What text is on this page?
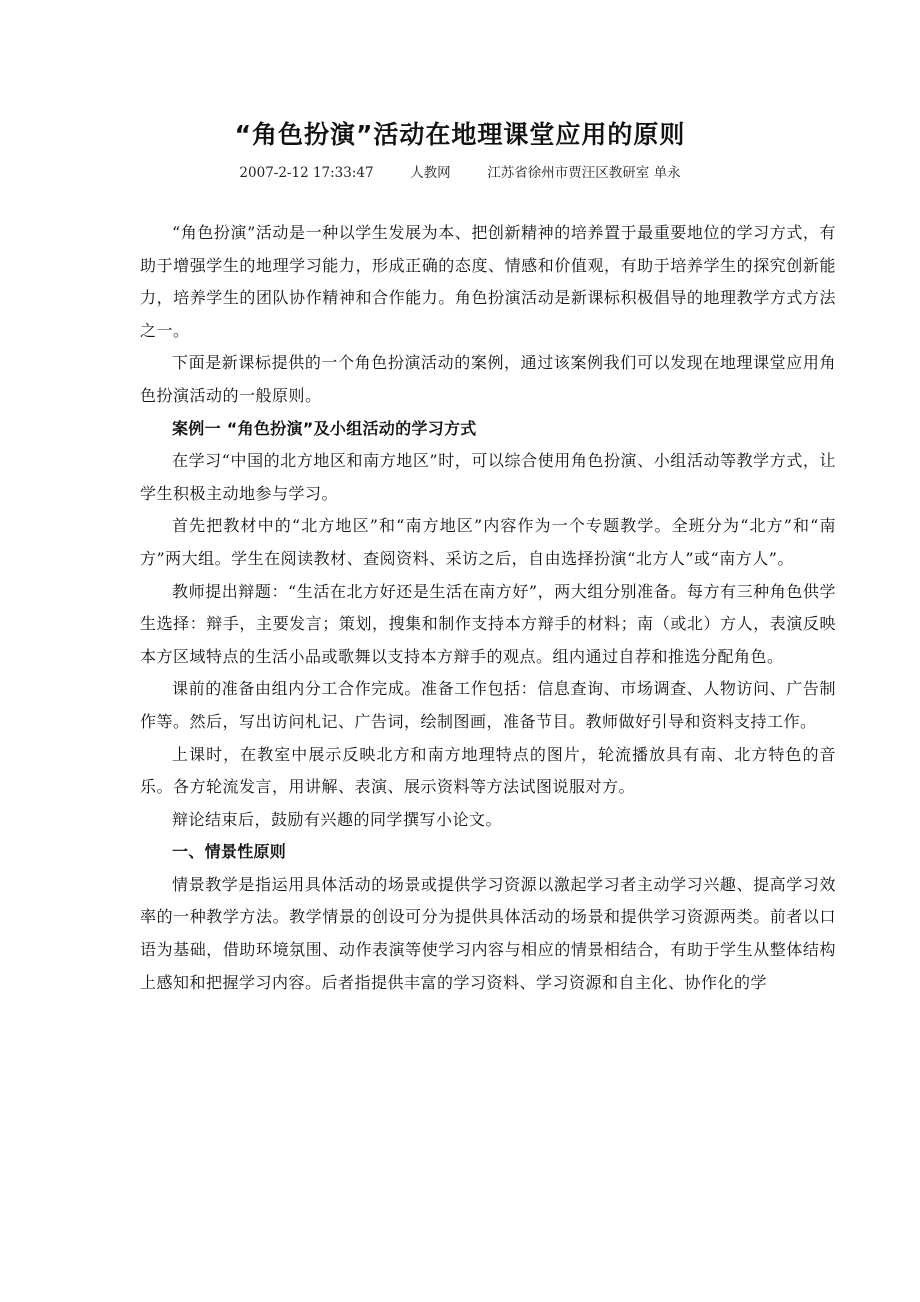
“角色扮演”活动在地理课堂应用的原则
2007-2-12 17:33:47	人教网	江苏省徐州市贾汪区教研室 单永

“角色扮演”活动是一种以学生发展为本、把创新精神的培养置于最重要地位的学习方式，有助于增强学生的地理学习能力，形成正确的态度、情感和价值观，有助于培养学生的探究创新能力，培养学生的团队协作精神和合作能力。角色扮演活动是新课标积极倡导的地理教学方式方法之一。

下面是新课标提供的一个角色扮演活动的案例，通过该案例我们可以发现在地理课堂应用角色扮演活动的一般原则。

案例一 “角色扮演”及小组活动的学习方式

在学习“中国的北方地区和南方地区”时，可以综合使用角色扮演、小组活动等教学方式，让学生积极主动地参与学习。

首先把教材中的“北方地区”和“南方地区”内容作为一个专题教学。全班分为“北方”和“南方”两大组。学生在阅读教材、查阅资料、采访之后，自由选择扮演“北方人”或“南方人”。

教师提出辩题：“生活在北方好还是生活在南方好”，两大组分别准备。每方有三种角色供学生选择：辩手，主要发言；策划，搜集和制作支持本方辩手的材料；南（或北）方人，表演反映本方区域特点的生活小品或歌舞以支持本方辩手的观点。组内通过自荐和推选分配角色。

课前的准备由组内分工合作完成。准备工作包括：信息查询、市场调查、人物访问、广告制作等。然后，写出访问札记、广告词，绘制图画，准备节目。教师做好引导和资料支持工作。

上课时，在教室中展示反映北方和南方地理特点的图片，轮流播放具有南、北方特色的音乐。各方轮流发言，用讲解、表演、展示资料等方法试图说服对方。

辩论结束后，鼓励有兴趣的同学撰写小论文。

一、情景性原则

情景教学是指运用具体活动的场景或提供学习资源以激起学习者主动学习兴趣、提高学习效率的一种教学方法。教学情景的创设可分为提供具体活动的场景和提供学习资源两类。前者以口语为基础，借助环境氛围、动作表演等使学习内容与相应的情景相结合，有助于学生从整体结构上感知和把握学习内容。后者指提供丰富的学习资料、学习资源和自主化、协作化的学
